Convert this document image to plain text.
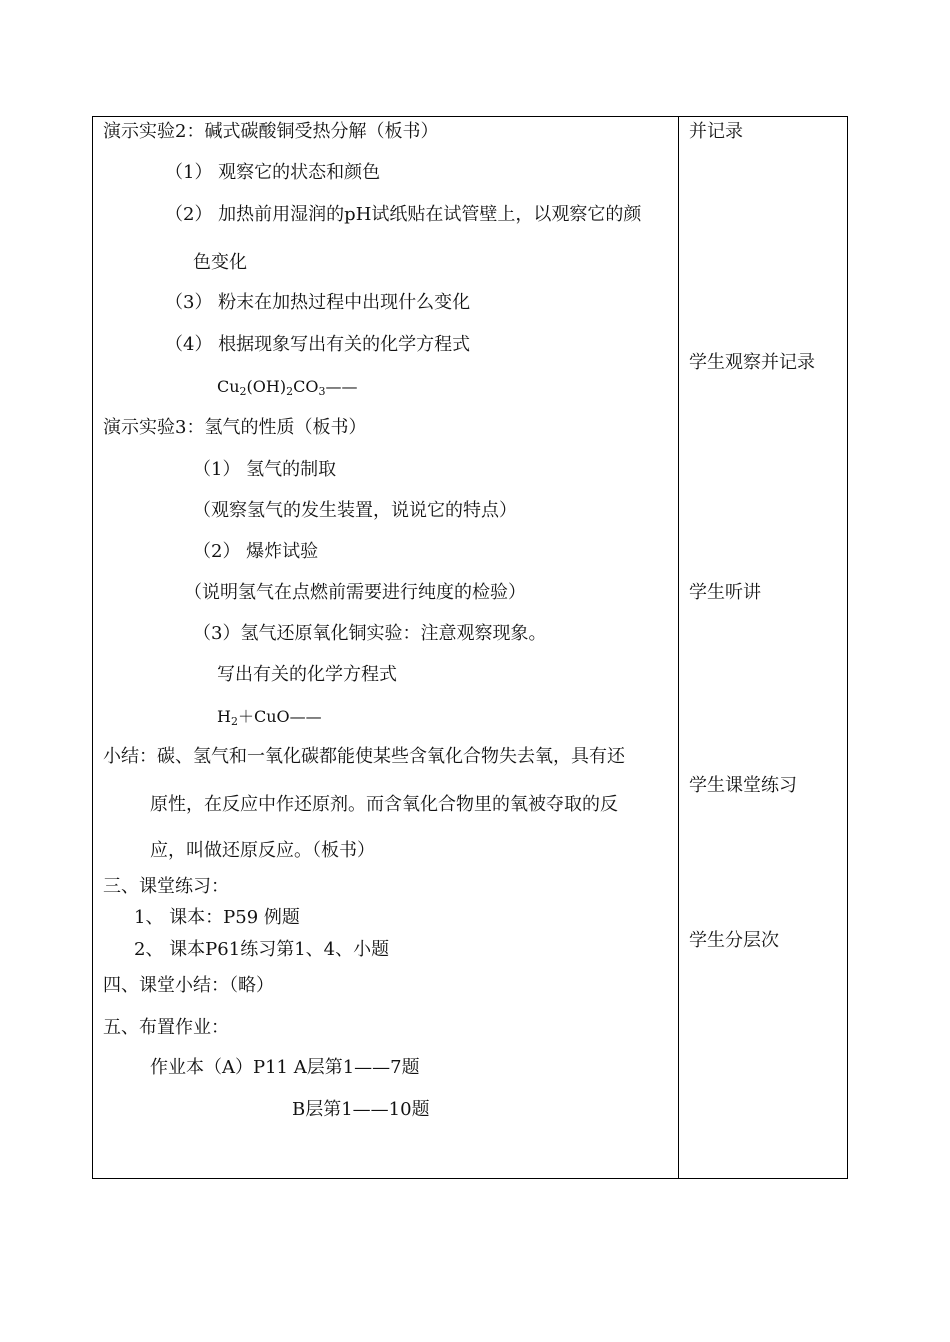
演示实验2：碱式碳酸铜受热分解（板书）
（1） 观察它的状态和颜色
（2） 加热前用湿润的pH试纸贴在试管壁上，以观察它的颜
色变化
（3） 粉末在加热过程中出现什么变化
（4） 根据现象写出有关的化学方程式
$Cu_2(OH)_2CO_3——$
演示实验3：氢气的性质（板书）
（1） 氢气的制取
（观察氢气的发生装置，说说它的特点）
（2） 爆炸试验
（说明氢气在点燃前需要进行纯度的检验）
（3）氢气还原氧化铜实验：注意观察现象。
写出有关的化学方程式
$H_2+CuO——$
小结：碳、氢气和一氧化碳都能使某些含氧化合物失去氧，具有还
原性，在反应中作还原剂。而含氧化合物里的氧被夺取的反
应，叫做还原反应。（板书）
三、课堂练习：
1、 课本：P59 例题
2、 课本P61练习第1、4、小题
四、课堂小结：（略）
五、布置作业：
作业本（A）P11 A层第1——7题
B层第1——10题
并记录
学生观察并记录
学生听讲
学生课堂练习
学生分层次
